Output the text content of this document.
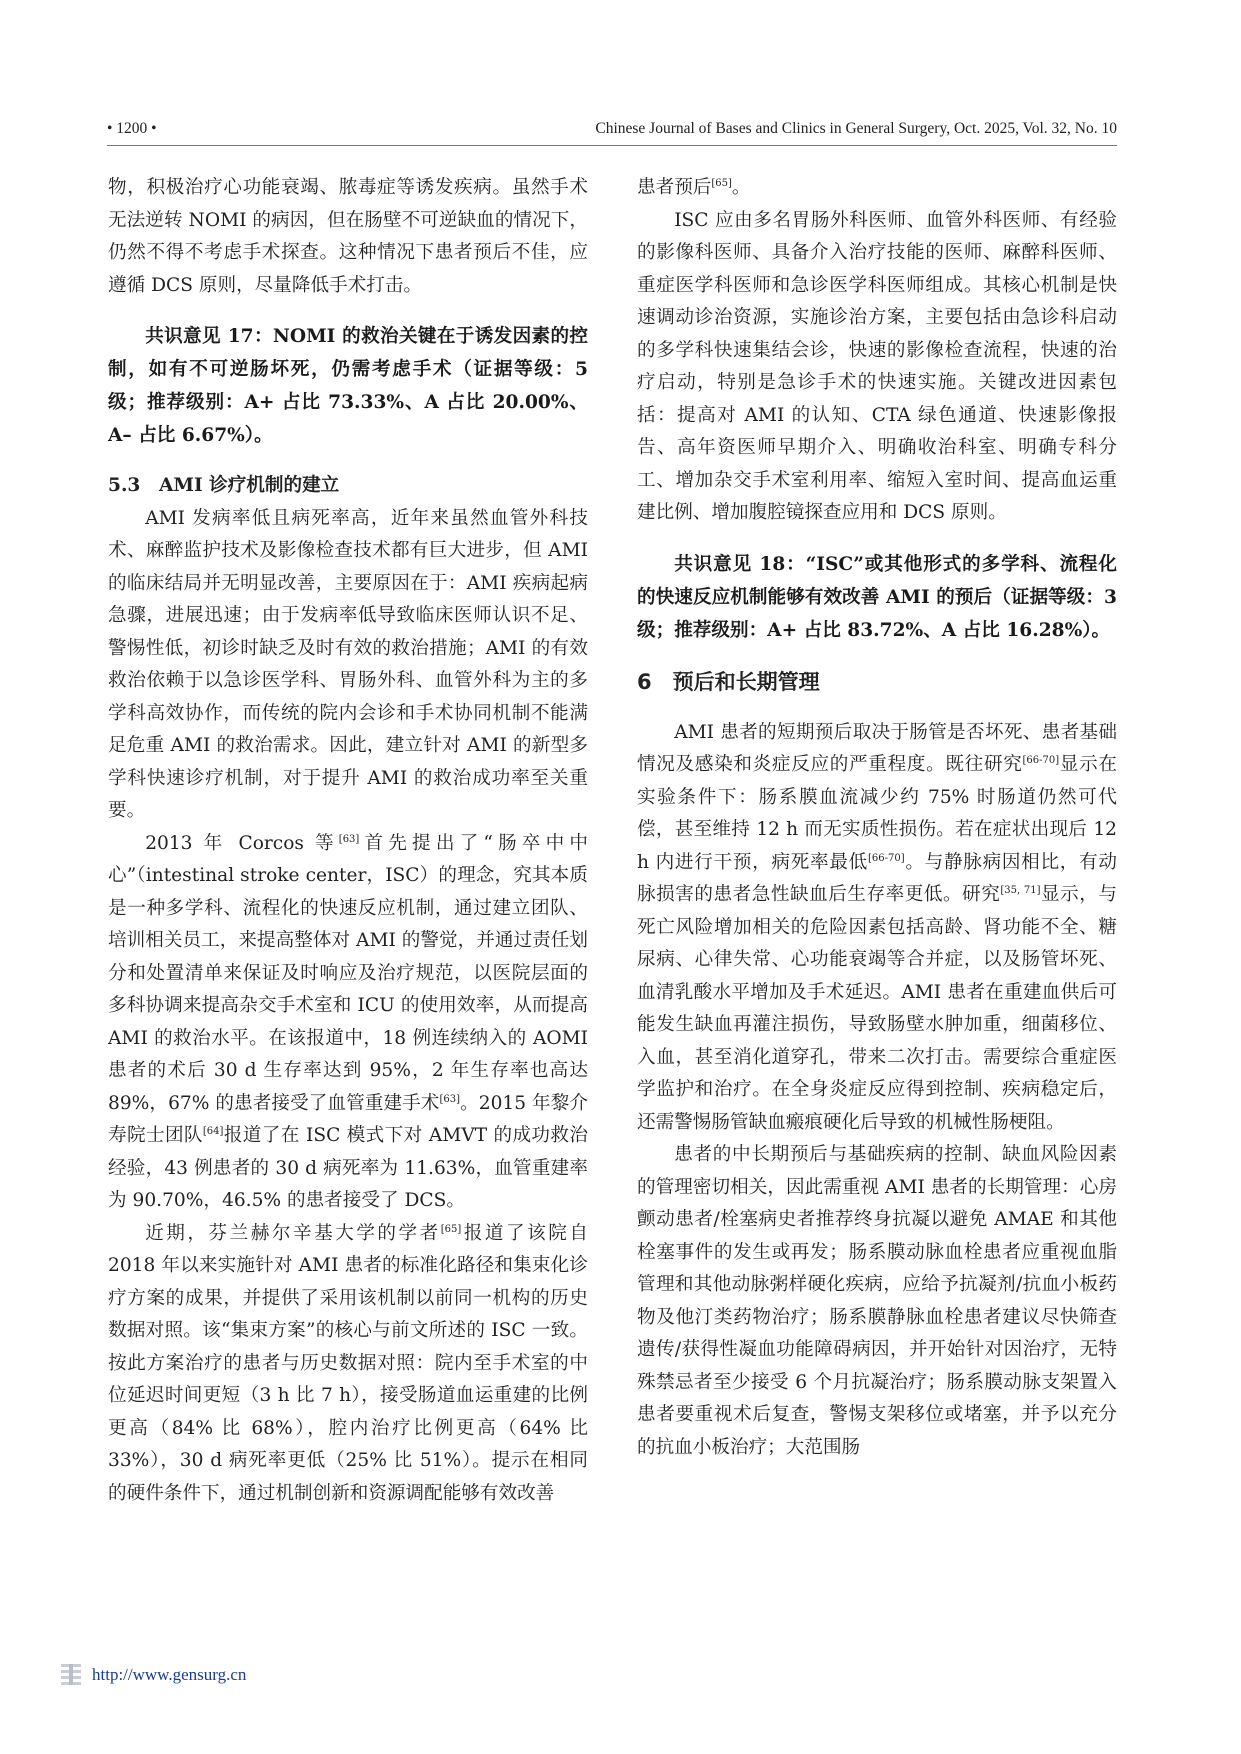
• 1200 •	Chinese Journal of Bases and Clinics in General Surgery, Oct. 2025, Vol. 32, No. 10

物，积极治疗心功能衰竭、脓毒症等诱发疾病。虽然手术无法逆转 NOMI 的病因，但在肠壁不可逆缺血的情况下，仍然不得不考虑手术探查。这种情况下患者预后不佳，应遵循 DCS 原则，尽量降低手术打击。

共识意见 17：NOMI 的救治关键在于诱发因素的控制，如有不可逆肠坏死，仍需考虑手术（证据等级：5 级；推荐级别：A+ 占比 73.33%、A 占比 20.00%、A– 占比 6.67%）。

5.3　AMI 诊疗机制的建立

AMI 发病率低且病死率高，近年来虽然血管外科技术、麻醉监护技术及影像检查技术都有巨大进步，但 AMI 的临床结局并无明显改善，主要原因在于：AMI 疾病起病急骤，进展迅速；由于发病率低导致临床医师认识不足、警惕性低，初诊时缺乏及时有效的救治措施；AMI 的有效救治依赖于以急诊医学科、胃肠外科、血管外科为主的多学科高效协作，而传统的院内会诊和手术协同机制不能满足危重 AMI 的救治需求。因此，建立针对 AMI 的新型多学科快速诊疗机制，对于提升 AMI 的救治成功率至关重要。

2013 年 Corcos 等[63]首先提出了“肠卒中中心”（intestinal stroke center，ISC）的理念，究其本质是一种多学科、流程化的快速反应机制，通过建立团队、培训相关员工，来提高整体对 AMI 的警觉，并通过责任划分和处置清单来保证及时响应及治疗规范，以医院层面的多科协调来提高杂交手术室和 ICU 的使用效率，从而提高 AMI 的救治水平。在该报道中，18 例连续纳入的 AOMI 患者的术后 30 d 生存率达到 95%，2 年生存率也高达 89%，67% 的患者接受了血管重建手术[63]。2015 年黎介寿院士团队[64]报道了在 ISC 模式下对 AMVT 的成功救治经验，43 例患者的 30 d 病死率为 11.63%，血管重建率为 90.70%，46.5% 的患者接受了 DCS。

近期，芬兰赫尔辛基大学的学者[65]报道了该院自 2018 年以来实施针对 AMI 患者的标准化路径和集束化诊疗方案的成果，并提供了采用该机制以前同一机构的历史数据对照。该“集束方案”的核心与前文所述的 ISC 一致。按此方案治疗的患者与历史数据对照：院内至手术室的中位延迟时间更短（3 h 比 7 h），接受肠道血运重建的比例更高（84% 比 68%），腔内治疗比例更高（64% 比 33%），30 d 病死率更低（25% 比 51%）。提示在相同的硬件条件下，通过机制创新和资源调配能够有效改善

患者预后[65]。

ISC 应由多名胃肠外科医师、血管外科医师、有经验的影像科医师、具备介入治疗技能的医师、麻醉科医师、重症医学科医师和急诊医学科医师组成。其核心机制是快速调动诊治资源，实施诊治方案，主要包括由急诊科启动的多学科快速集结会诊，快速的影像检查流程，快速的治疗启动，特别是急诊手术的快速实施。关键改进因素包括：提高对 AMI 的认知、CTA 绿色通道、快速影像报告、高年资医师早期介入、明确收治科室、明确专科分工、增加杂交手术室利用率、缩短入室时间、提高血运重建比例、增加腹腔镜探查应用和 DCS 原则。

共识意见 18：“ISC”或其他形式的多学科、流程化的快速反应机制能够有效改善 AMI 的预后（证据等级：3 级；推荐级别：A+ 占比 83.72%、A 占比 16.28%）。

6　预后和长期管理

AMI 患者的短期预后取决于肠管是否坏死、患者基础情况及感染和炎症反应的严重程度。既往研究[66-70]显示在实验条件下：肠系膜血流减少约 75% 时肠道仍然可代偿，甚至维持 12 h 而无实质性损伤。若在症状出现后 12 h 内进行干预，病死率最低[66-70]。与静脉病因相比，有动脉损害的患者急性缺血后生存率更低。研究[35, 71]显示，与死亡风险增加相关的危险因素包括高龄、肾功能不全、糖尿病、心律失常、心功能衰竭等合并症，以及肠管坏死、血清乳酸水平增加及手术延迟。AMI 患者在重建血供后可能发生缺血再灌注损伤，导致肠壁水肿加重，细菌移位、入血，甚至消化道穿孔，带来二次打击。需要综合重症医学监护和治疗。在全身炎症反应得到控制、疾病稳定后，还需警惕肠管缺血瘢痕硬化后导致的机械性肠梗阻。

患者的中长期预后与基础疾病的控制、缺血风险因素的管理密切相关，因此需重视 AMI 患者的长期管理：心房颤动患者/栓塞病史者推荐终身抗凝以避免 AMAE 和其他栓塞事件的发生或再发；肠系膜动脉血栓患者应重视血脂管理和其他动脉粥样硬化疾病，应给予抗凝剂/抗血小板药物及他汀类药物治疗；肠系膜静脉血栓患者建议尽快筛查遗传/获得性凝血功能障碍病因，并开始针对因治疗，无特殊禁忌者至少接受 6 个月抗凝治疗；肠系膜动脉支架置入患者要重视术后复查，警惕支架移位或堵塞，并予以充分的抗血小板治疗；大范围肠

http://www.gensurg.cn
